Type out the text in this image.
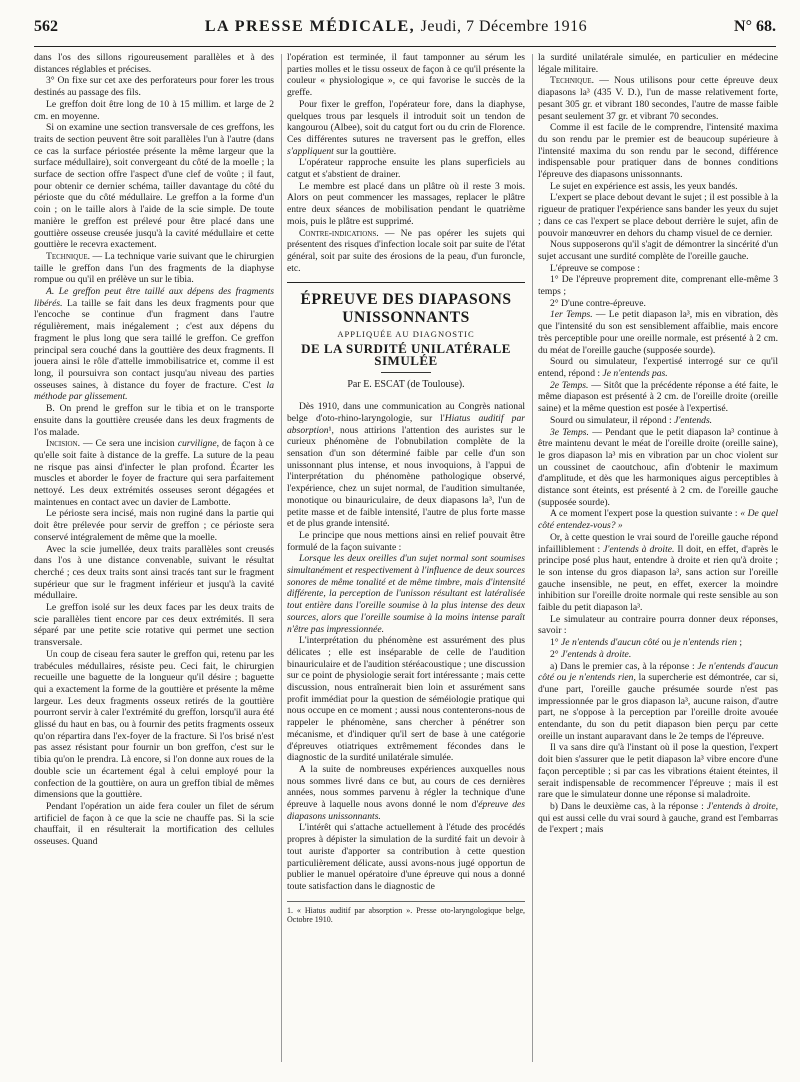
562	LA PRESSE MÉDICALE, Jeudi, 7 Décembre 1916	N° 68.

dans l'os des sillons rigoureusement parallèles et à des distances réglables et précises.

3° On fixe sur cet axe des perforateurs pour forer les trous destinés au passage des fils.

Le greffon doit être long de 10 à 15 millim. et large de 2 cm. en moyenne.

Si on examine une section transversale de ces greffons, les traits de section peuvent être soit parallèles l'un à l'autre (dans ce cas la surface périostée présente la même largeur que la surface médullaire), soit convergeant du côté de la moelle ; la surface de section offre l'aspect d'une clef de voûte ; il faut, pour obtenir ce dernier schéma, tailler davantage du côté du périoste que du côté médullaire. Le greffon a la forme d'un coin ; on le taille alors à l'aide de la scie simple. De toute manière le greffon est prélevé pour être placé dans une gouttière osseuse creusée jusqu'à la cavité médullaire et cette gouttière le recevra exactement.

Technique. — La technique varie suivant que le chirurgien taille le greffon dans l'un des fragments de la diaphyse rompue ou qu'il en prélève un sur le tibia.

A. Le greffon peut être taillé aux dépens des fragments libérés. La taille se fait dans les deux fragments pour que l'encoche se continue d'un fragment dans l'autre régulièrement, mais inégalement ; c'est aux dépens du fragment le plus long que sera taillé le greffon. Ce greffon principal sera couché dans la gouttière des deux fragments. Il jouera ainsi le rôle d'attelle immobilisatrice et, comme il est long, il poursuivra son contact jusqu'au niveau des parties osseuses saines, à distance du foyer de fracture. C'est la méthode par glissement.

B. On prend le greffon sur le tibia et on le transporte ensuite dans la gouttière creusée dans les deux fragments de l'os malade.

Incision. — Ce sera une incision curviligne, de façon à ce qu'elle soit faite à distance de la greffe. La suture de la peau ne risque pas ainsi d'infecter le plan profond. Écarter les muscles et aborder le foyer de fracture qui sera parfaitement nettoyé. Les deux extrémités osseuses seront dégagées et maintenues en contact avec un davier de Lambotte.

Le périoste sera incisé, mais non ruginé dans la partie qui doit être prélevée pour servir de greffon ; ce périoste sera conservé intégralement de même que la moelle.

Avec la scie jumellée, deux traits parallèles sont creusés dans l'os à une distance convenable, suivant le résultat cherché ; ces deux traits sont ainsi tracés tant sur le fragment supérieur que sur le fragment inférieur et jusqu'à la cavité médullaire.

Le greffon isolé sur les deux faces par les deux traits de scie parallèles tient encore par ces deux extrémités. Il sera séparé par une petite scie rotative qui permet une section transversale.

Un coup de ciseau fera sauter le greffon qui, retenu par les trabécules médullaires, résiste peu. Ceci fait, le chirurgien recueille une baguette de la longueur qu'il désire ; baguette qui a exactement la forme de la gouttière et présente la même largeur. Les deux fragments osseux retirés de la gouttière pourront servir à caler l'extrémité du greffon, lorsqu'il aura été glissé du haut en bas, ou à fournir des petits fragments osseux qu'on répartira dans l'ex-foyer de la fracture. Si l'os brisé n'est pas assez résistant pour fournir un bon greffon, c'est sur le tibia qu'on le prendra. Là encore, si l'on donne aux roues de la double scie un écartement égal à celui employé pour la confection de la gouttière, on aura un greffon tibial de mêmes dimensions que la gouttière.

Pendant l'opération un aide fera couler un filet de sérum artificiel de façon à ce que la scie ne chauffe pas. Si la scie chauffait, il en résulterait la mortification des cellules osseuses. Quand

l'opération est terminée, il faut tamponner au sérum les parties molles et le tissu osseux de façon à ce qu'il présente la couleur « physiologique », ce qui favorise le succès de la greffe.

Pour fixer le greffon, l'opérateur fore, dans la diaphyse, quelques trous par lesquels il introduit soit un tendon de kangourou (Albee), soit du catgut fort ou du crin de Florence. Ces différentes sutures ne traversent pas le greffon, elles s'appliquent sur la gouttière.

L'opérateur rapproche ensuite les plans superficiels au catgut et s'abstient de drainer.

Le membre est placé dans un plâtre où il reste 3 mois. Alors on peut commencer les massages, replacer le plâtre entre deux séances de mobilisation pendant le quatrième mois, puis le plâtre est supprimé.

Contre-indications. — Ne pas opérer les sujets qui présentent des risques d'infection locale soit par suite de l'état général, soit par suite des érosions de la peau, d'un furoncle, etc.

ÉPREUVE DES DIAPASONS UNISSONNANTS
APPLIQUÉE AU DIAGNOSTIC
DE LA SURDITÉ UNILATÉRALE SIMULÉE
Par E. ESCAT (de Toulouse).

Dès 1910, dans une communication au Congrès national belge d'oto-rhino-laryngologie, sur l'Hiatus auditif par absorption¹, nous attirions l'attention des auristes sur le curieux phénomène de l'obnubilation complète de la sensation d'un son déterminé faible par celle d'un son unissonnant plus intense, et nous invoquions, à l'appui de l'interprétation du phénomène pathologique observé, l'expérience, chez un sujet normal, de l'audition simultanée, monotique ou binauriculaire, de deux diapasons la³, l'un de petite masse et de faible intensité, l'autre de plus forte masse et de plus grande intensité.

Le principe que nous mettions ainsi en relief pouvait être formulé de la façon suivante :

Lorsque les deux oreilles d'un sujet normal sont soumises simultanément et respectivement à l'influence de deux sources sonores de même tonalité et de même timbre, mais d'intensité différente, la perception de l'unisson résultant est latéralisée tout entière dans l'oreille soumise à la plus intense des deux sources, alors que l'oreille soumise à la moins intense paraît n'être pas impressionnée.

L'interprétation du phénomène est assurément des plus délicates ; elle est inséparable de celle de l'audition binauriculaire et de l'audition stéréacoustique ; une discussion sur ce point de physiologie serait fort intéressante ; mais cette discussion, nous entraînerait bien loin et assurément sans profit immédiat pour la question de séméiologie pratique qui nous occupe en ce moment ; aussi nous contenterons-nous de rappeler le phénomène, sans chercher à pénétrer son mécanisme, et d'indiquer qu'il sert de base à une catégorie d'épreuves otiatriques extrêmement fécondes dans le diagnostic de la surdité unilatérale simulée.

A la suite de nombreuses expériences auxquelles nous nous sommes livré dans ce but, au cours de ces dernières années, nous sommes parvenu à régler la technique d'une épreuve à laquelle nous avons donné le nom d'épreuve des diapasons unissonnants.

L'intérêt qui s'attache actuellement à l'étude des procédés propres à dépister la simulation de la surdité fait un devoir à tout auriste d'apporter sa contribution à cette question particulièrement délicate, aussi avons-nous jugé opportun de publier le manuel opératoire d'une épreuve qui nous a donné toute satisfaction dans le diagnostic de

1. « Hiatus auditif par absorption ». Presse oto-laryngologique belge, Octobre 1910.

la surdité unilatérale simulée, en particulier en médecine légale militaire.

Technique. — Nous utilisons pour cette épreuve deux diapasons la³ (435 V. D.), l'un de masse relativement forte, pesant 305 gr. et vibrant 180 secondes, l'autre de masse faible pesant seulement 37 gr. et vibrant 70 secondes.

Comme il est facile de le comprendre, l'intensité maxima du son rendu par le premier est de beaucoup supérieure à l'intensité maxima du son rendu par le second, différence indispensable pour pratiquer dans de bonnes conditions l'épreuve des diapasons unissonnants.

Le sujet en expérience est assis, les yeux bandés.

L'expert se place debout devant le sujet ; il est possible à la rigueur de pratiquer l'expérience sans bander les yeux du sujet ; dans ce cas l'expert se place debout derrière le sujet, afin de pouvoir manœuvrer en dehors du champ visuel de ce dernier.

Nous supposerons qu'il s'agit de démontrer la sincérité d'un sujet accusant une surdité complète de l'oreille gauche.

L'épreuve se compose :

1° De l'épreuve proprement dite, comprenant elle-même 3 temps ;

2° D'une contre-épreuve.

1er Temps. — Le petit diapason la³, mis en vibration, dès que l'intensité du son est sensiblement affaiblie, mais encore très perceptible pour une oreille normale, est présenté à 2 cm. du méat de l'oreille gauche (supposée sourde).

Sourd ou simulateur, l'expertisé interrogé sur ce qu'il entend, répond : Je n'entends pas.

2e Temps. — Sitôt que la précédente réponse a été faite, le même diapason est présenté à 2 cm. de l'oreille droite (oreille saine) et la même question est posée à l'expertisé.

Sourd ou simulateur, il répond : J'entends.

3e Temps. — Pendant que le petit diapason la³ continue à être maintenu devant le méat de l'oreille droite (oreille saine), le gros diapason la³ mis en vibration par un choc violent sur un coussinet de caoutchouc, afin d'obtenir le maximum d'amplitude, et dès que les harmoniques aigus perceptibles à distance sont éteints, est présenté à 2 cm. de l'oreille gauche (supposée sourde).

A ce moment l'expert pose la question suivante : « De quel côté entendez-vous? »

Or, à cette question le vrai sourd de l'oreille gauche répond infailliblement : J'entends à droite. Il doit, en effet, d'après le principe posé plus haut, entendre à droite et rien qu'à droite ; le son intense du gros diapason la³, sans action sur l'oreille gauche insensible, ne peut, en effet, exercer la moindre inhibition sur l'oreille droite normale qui reste sensible au son faible du petit diapason la³.

Le simulateur au contraire pourra donner deux réponses, savoir :

1° Je n'entends d'aucun côté ou je n'entends rien ;

2° J'entends à droite.

a) Dans le premier cas, à la réponse : Je n'entends d'aucun côté ou je n'entends rien, la supercherie est démontrée, car si, d'une part, l'oreille gauche présumée sourde n'est pas impressionnée par le gros diapason la³, aucune raison, d'autre part, ne s'oppose à la perception par l'oreille droite avouée entendante, du son du petit diapason bien perçu par cette oreille un instant auparavant dans le 2e temps de l'épreuve.

Il va sans dire qu'à l'instant où il pose la question, l'expert doit bien s'assurer que le petit diapason la³ vibre encore d'une façon perceptible ; si par cas les vibrations étaient éteintes, il serait indispensable de recommencer l'épreuve ; mais il est rare que le simulateur donne une réponse si maladroite.

b) Dans le deuxième cas, à la réponse : J'entends à droite, qui est aussi celle du vrai sourd à gauche, grand est l'embarras de l'expert ; mais
